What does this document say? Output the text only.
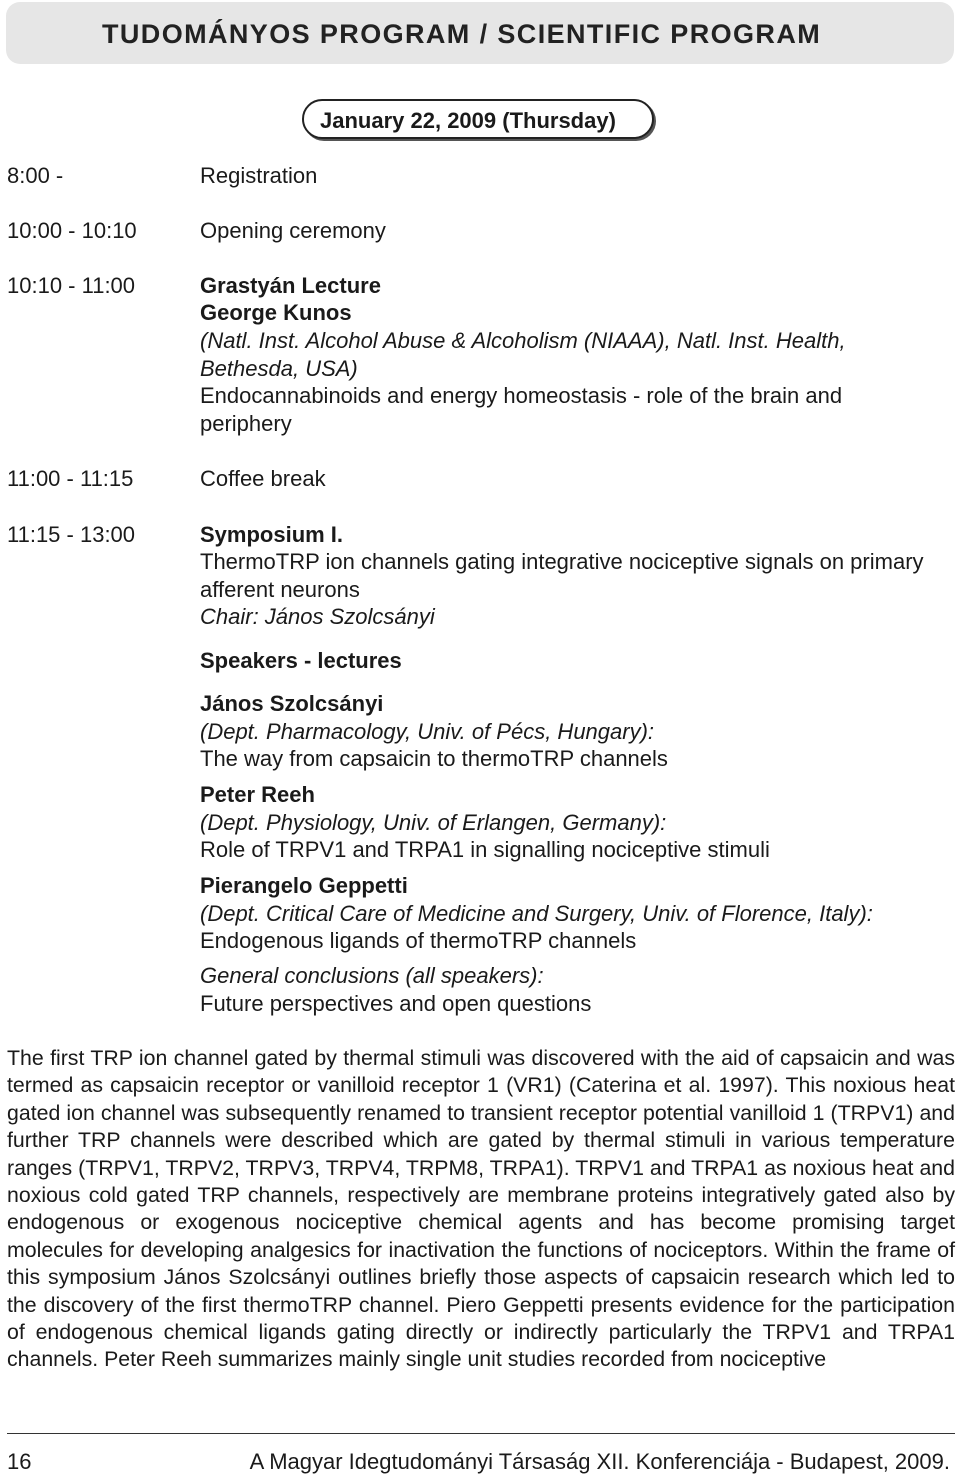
TUDOMÁNYOS PROGRAM / SCIENTIFIC PROGRAM
January 22, 2009 (Thursday)
8:00 -	Registration
10:00 - 10:10	Opening ceremony
10:10 - 11:00	Grastyán Lecture
George Kunos
(Natl. Inst. Alcohol Abuse & Alcoholism (NIAAA), Natl. Inst. Health,
Bethesda, USA)
Endocannabinoids and energy homeostasis - role of the brain and
periphery
11:00 - 11:15	Coffee break
11:15 - 13:00	Symposium I.
ThermoTRP ion channels gating integrative nociceptive signals on primary
afferent neurons
Chair: János Szolcsányi
Speakers - lectures
János Szolcsányi
(Dept. Pharmacology, Univ. of Pécs, Hungary):
The way from capsaicin to thermoTRP channels
Peter Reeh
(Dept. Physiology, Univ. of Erlangen, Germany):
Role of TRPV1 and TRPA1 in signalling nociceptive stimuli
Pierangelo Geppetti
(Dept. Critical Care of Medicine and Surgery, Univ. of Florence, Italy):
Endogenous ligands of thermoTRP channels
General conclusions (all speakers):
Future perspectives and open questions
The first TRP ion channel gated by thermal stimuli was discovered with the aid of capsaicin and was termed as capsaicin receptor or vanilloid receptor 1 (VR1) (Caterina et al. 1997). This noxious heat gated ion channel was subsequently renamed to transient receptor potential vanilloid 1 (TRPV1) and further TRP channels were described which are gated by thermal stimuli in various temperature ranges (TRPV1, TRPV2, TRPV3, TRPV4, TRPM8, TRPA1). TRPV1 and TRPA1 as noxious heat and noxious cold gated TRP channels, respectively are membrane proteins integratively gated also by endogenous or exogenous nociceptive chemical agents and has become promising target molecules for developing analgesics for inactivation the functions of nociceptors. Within the frame of this symposium János Szolcsányi outlines briefly those aspects of capsaicin research which led to the discovery of the first thermoTRP channel. Piero Geppetti presents evidence for the participation of endogenous chemical ligands gating directly or indirectly particularly the TRPV1 and TRPA1 channels. Peter Reeh summarizes mainly single unit studies recorded from nociceptive
16	A Magyar Idegtudományi Társaság XII. Konferenciája - Budapest, 2009.
